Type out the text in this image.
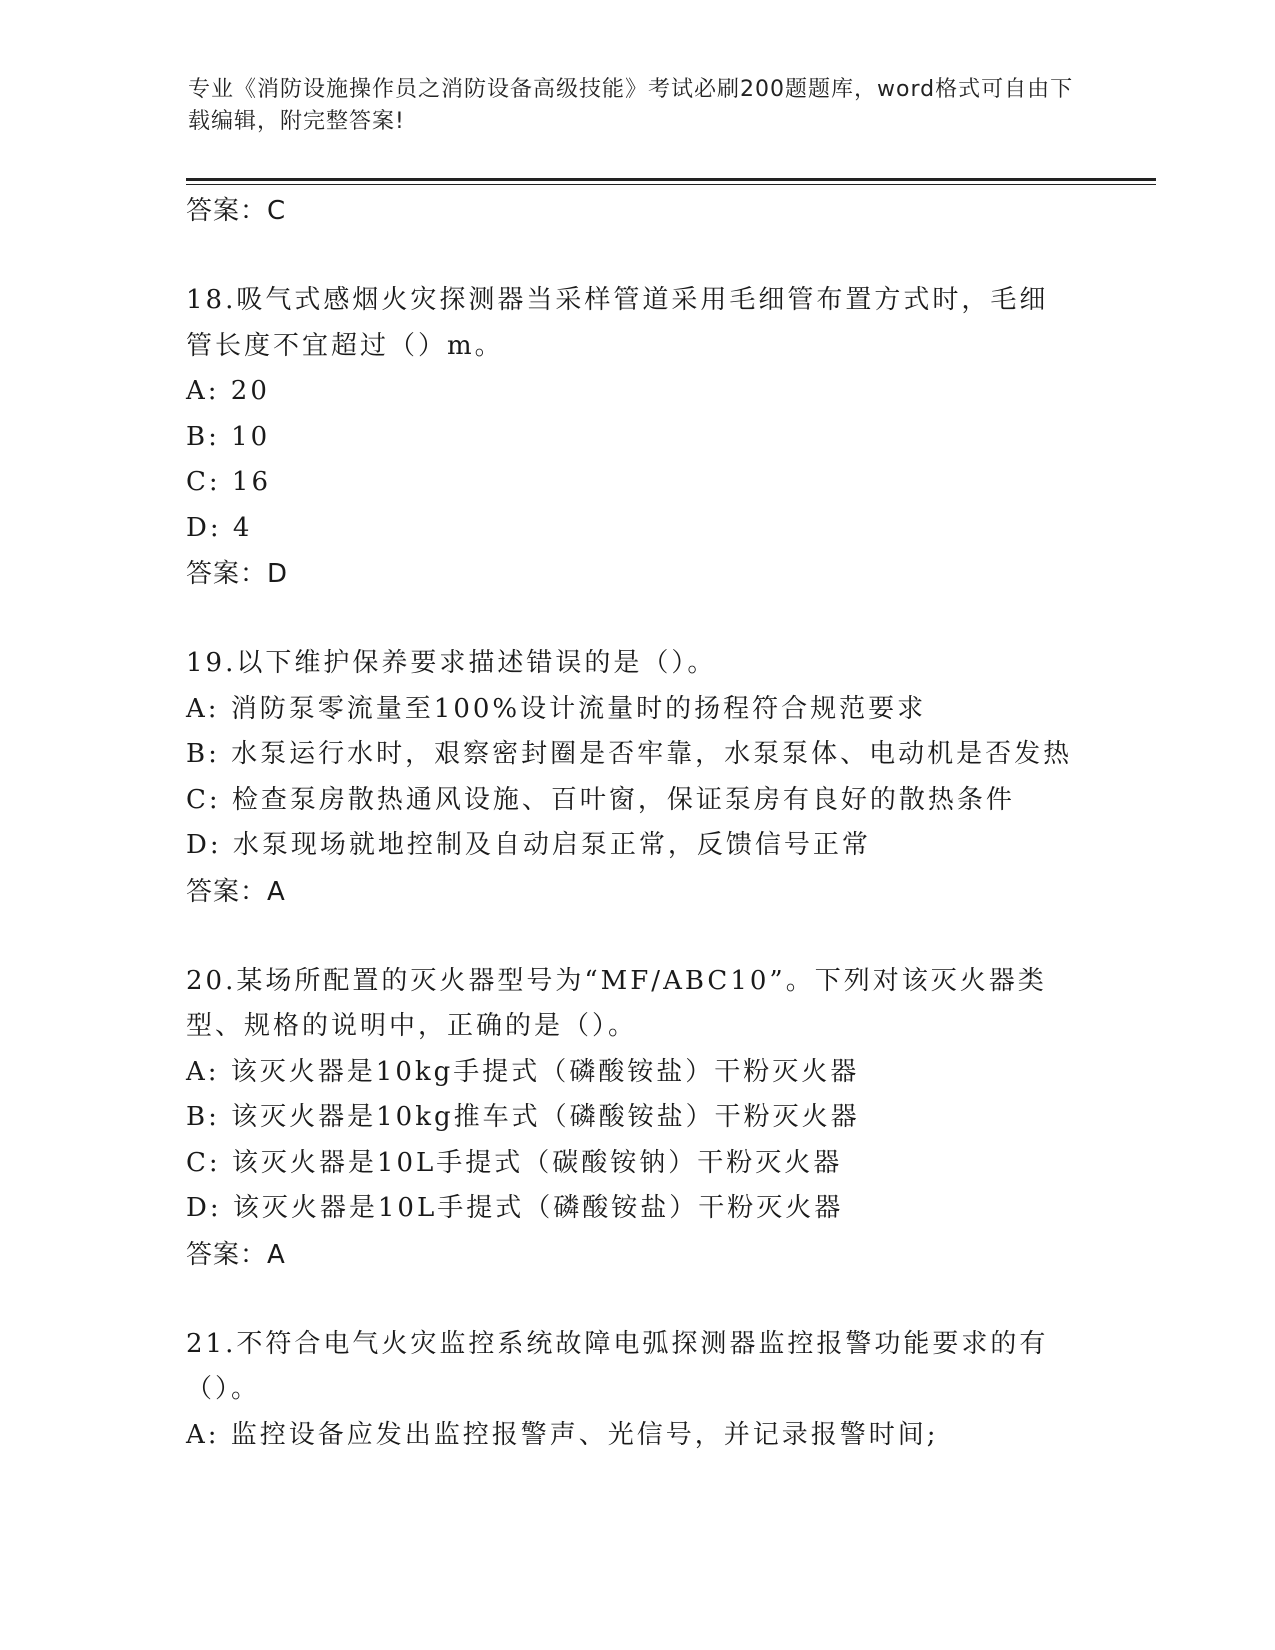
专业《消防设施操作员之消防设备高级技能》考试必刷200题题库，word格式可自由下载编辑，附完整答案!
答案：C
18.吸气式感烟火灾探测器当采样管道采用毛细管布置方式时，毛细管长度不宜超过（）m。
A: 20
B: 10
C: 16
D: 4
答案：D
19.以下维护保养要求描述错误的是（）。
A: 消防泵零流量至100%设计流量时的扬程符合规范要求
B: 水泵运行水时，艰察密封圈是否牢靠，水泵泵体、电动机是否发热
C: 检查泵房散热通风设施、百叶窗，保证泵房有良好的散热条件
D: 水泵现场就地控制及自动启泵正常，反馈信号正常
答案：A
20.某场所配置的灭火器型号为“MF/ABC10”。下列对该灭火器类型、规格的说明中，正确的是（）。
A: 该灭火器是10kg手提式（磷酸铵盐）干粉灭火器
B: 该灭火器是10kg推车式（磷酸铵盐）干粉灭火器
C: 该灭火器是10L手提式（碳酸铵钠）干粉灭火器
D: 该灭火器是10L手提式（磷酸铵盐）干粉灭火器
答案：A
21.不符合电气火灾监控系统故障电弧探测器监控报警功能要求的有（）。
A: 监控设备应发出监控报警声、光信号，并记录报警时间;
